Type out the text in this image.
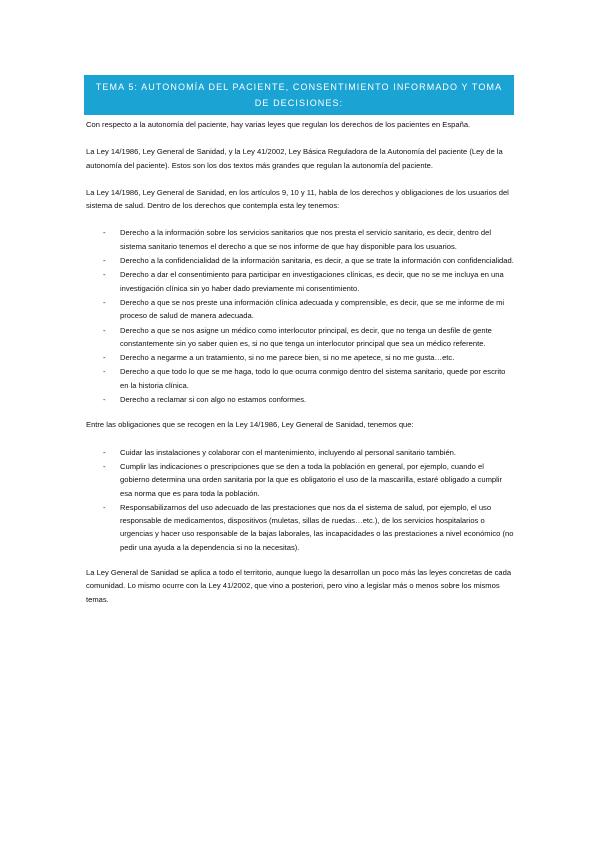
TEMA 5: AUTONOMÍA DEL PACIENTE, CONSENTIMIENTO INFORMADO Y TOMA DE DECISIONES:

Con respecto a la autonomía del paciente, hay varias leyes que regulan los derechos de los pacientes en España.

La Ley 14/1986, Ley General de Sanidad, y la Ley 41/2002, Ley Básica Reguladora de la Autonomía del paciente (Ley de la autonomía del paciente). Estos son los dos textos más grandes que regulan la autonomía del paciente.

La Ley 14/1986, Ley General de Sanidad, en los artículos 9, 10 y 11, habla de los derechos y obligaciones de los usuarios del sistema de salud. Dentro de los derechos que contempla esta ley tenemos:

- Derecho a la información sobre los servicios sanitarios que nos presta el servicio sanitario, es decir, dentro del sistema sanitario tenemos el derecho a que se nos informe de que hay disponible para los usuarios.
- Derecho a la confidencialidad de la información sanitaria, es decir, a que se trate la información con confidencialidad.
- Derecho a dar el consentimiento para participar en investigaciones clínicas, es decir, que no se me incluya en una investigación clínica sin yo haber dado previamente mi consentimiento.
- Derecho a que se nos preste una información clínica adecuada y comprensible, es decir, que se me informe de mi proceso de salud de manera adecuada.
- Derecho a que se nos asigne un médico como interlocutor principal, es decir, que no tenga un desfile de gente constantemente sin yo saber quien es, si no que tenga un interlocutor principal que sea un médico referente.
- Derecho a negarme a un tratamiento, si no me parece bien, si no me apetece, si no me gusta…etc.
- Derecho a que todo lo que se me haga, todo lo que ocurra conmigo dentro del sistema sanitario, quede por escrito en la historia clínica.
- Derecho a reclamar si con algo no estamos conformes.

Entre las obligaciones que se recogen en la Ley 14/1986, Ley General de Sanidad, tenemos que:

- Cuidar las instalaciones y colaborar con el mantenimiento, incluyendo al personal sanitario también.
- Cumplir las indicaciones o prescripciones que se den a toda la población en general, por ejemplo, cuando el gobierno determina una orden sanitaria por la que es obligatorio el uso de la mascarilla, estaré obligado a cumplir esa norma que es para toda la población.
- Responsabilizarnos del uso adecuado de las prestaciones que nos da el sistema de salud, por ejemplo, el uso responsable de medicamentos, dispositivos (muletas, sillas de ruedas…etc.), de los servicios hospitalarios o urgencias y hacer uso responsable de la bajas laborales, las incapacidades o las prestaciones a nivel económico (no pedir una ayuda a la dependencia si no la necesitas).

La Ley General de Sanidad se aplica a todo el territorio, aunque luego la desarrollan un poco más las leyes concretas de cada comunidad. Lo mismo ocurre con la Ley 41/2002, que vino a posteriori, pero vino a legislar más o menos sobre los mismos temas.
